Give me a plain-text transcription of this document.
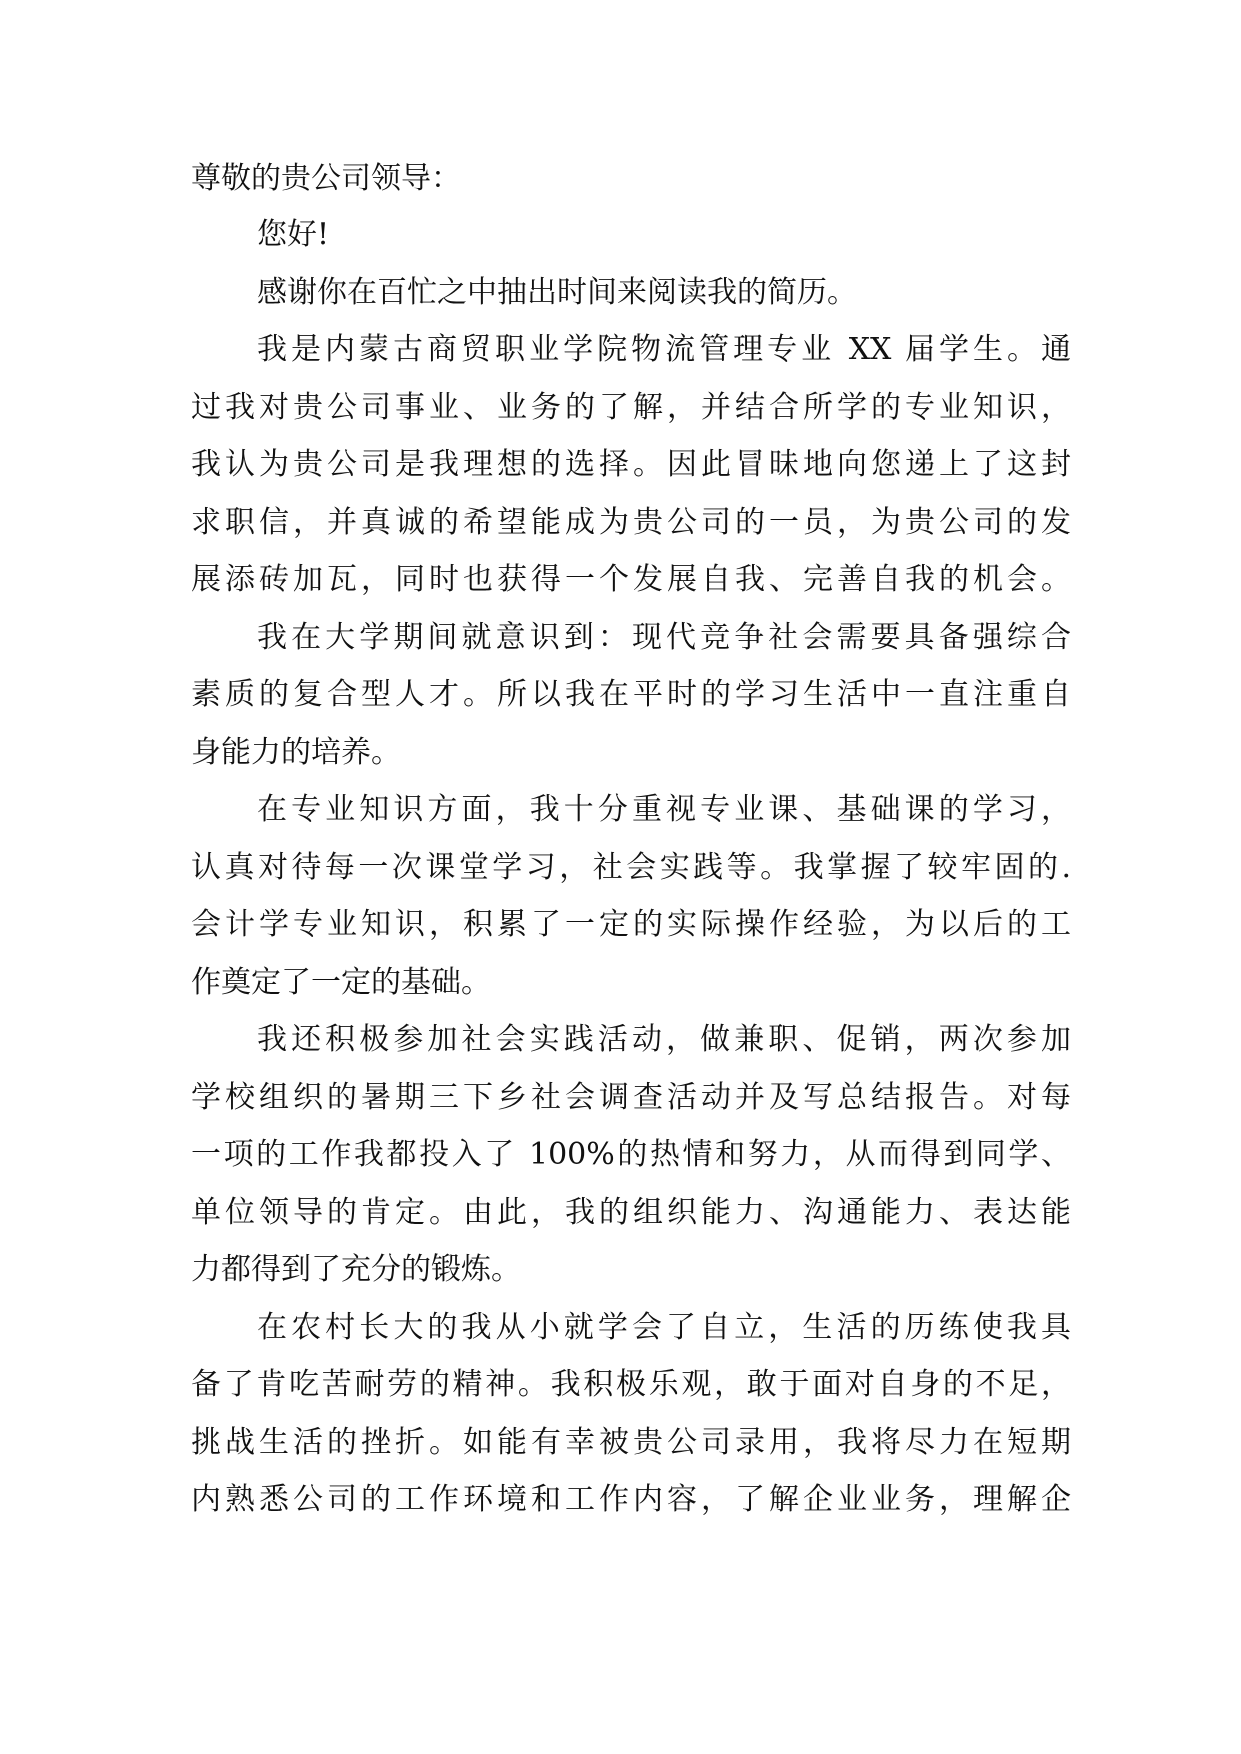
尊敬的贵公司领导：
您好!
感谢你在百忙之中抽出时间来阅读我的简历。
我是内蒙古商贸职业学院物流管理专业 XX 届学生。通
过我对贵公司事业、业务的了解，并结合所学的专业知识，
我认为贵公司是我理想的选择。因此冒昧地向您递上了这封
求职信，并真诚的希望能成为贵公司的一员，为贵公司的发
展添砖加瓦，同时也获得一个发展自我、完善自我的机会。
我在大学期间就意识到：现代竞争社会需要具备强综合
素质的复合型人才。所以我在平时的学习生活中一直注重自
身能力的培养。
在专业知识方面，我十分重视专业课、基础课的学习，
认真对待每一次课堂学习，社会实践等。我掌握了较牢固的.
会计学专业知识，积累了一定的实际操作经验，为以后的工
作奠定了一定的基础。
我还积极参加社会实践活动，做兼职、促销，两次参加
学校组织的暑期三下乡社会调查活动并及写总结报告。对每
一项的工作我都投入了 100%的热情和努力，从而得到同学、
单位领导的肯定。由此，我的组织能力、沟通能力、表达能
力都得到了充分的锻炼。
在农村长大的我从小就学会了自立，生活的历练使我具
备了肯吃苦耐劳的精神。我积极乐观，敢于面对自身的不足，
挑战生活的挫折。如能有幸被贵公司录用，我将尽力在短期
内熟悉公司的工作环境和工作内容，了解企业业务，理解企
